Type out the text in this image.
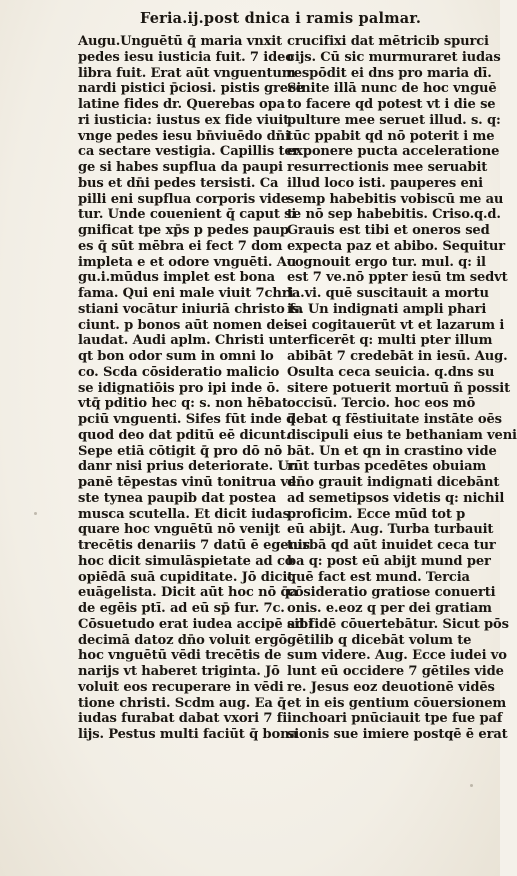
Feria.ij.post dnica i ramis palmar.
Augu.Unguētū q̄ maria vnxit
pedes iesu iusticia fuit. 7 ideo
libra fuit. Erat aūt vnguentum
nardi pistici p̄ciosi. pistis grece
latine fides dr. Querebas opa
ri iusticia: iustus ex fide viuit
vnge pedes iesu bn̄viuēdo dn̄i
ca sectare vestigia. Capillis ter
ge si habes supflua da paupi
bus et dn̄i pedes tersisti. Ca
pilli eni supflua corporis vide
tur. Unde couenient q̄ caput si
gnificat tpe xp̄s p pedes paup
es q̄ sūt mēbra ei fect 7 dom
impleta e et odore vnguēti. Au
gu.i.mūdus implet est bona
fama. Qui eni male viuit 7chri
stiani vocātur iniuriā christo fa
ciunt. p bonos aūt nomen dei
laudat. Audi aplm. Christi un
qt bon odor sum in omni lo
co. Scda cōsideratio malicio
se idignatiōis pro ipi inde ō.
vtq̄ pditio hec q: s. non hēbat
pciū vnguenti. Sifes fūt inde q̄
quod deo dat pditū eē dicunt.
Sepe etiā cōtigit q̄ pro dō nō
danr nisi prius deteriorate. Un
panē tēpestas vinū tonitrua ve
ste tynea paupib dat postea
musca scutella. Et dicit iudas
quare hoc vnguētū nō venijt
trecētis denariis 7 datū ē egenis
hoc dicit simulāspietate ad co
opiēdā suā cupiditate. Jō dicit
euāgelista. Dicit aūt hoc nō q̄a
de egēis ptī. ad eū sp̄ fur. 7c.
Cōsuetudo erat iudea accipē sibi
decimā datoz dn̄o voluit ergō
hoc vnguētū vēdi trecētis de
narijs vt haberet triginta. Jō
voluit eos recuperare in vēdi
tione christi. Scdm aug. Ea q̄
iudas furabat dabat vxori 7 fi
lijs. Pestus multi faciūt q̄ bona
crucifixi dat mētricib spurci
cijs. Cū sic murmuraret iudas
respōdit ei dns pro maria dī.
Sinite illā nunc de hoc vnguē
to facere qd potest vt i die se
pulture mee seruet illud. s. q:
tūc ppabit qd nō poterit i me
exponere pucta acceleratione
resurrectionis mee seruabit
illud loco isti. pauperes eni
semp habebitis vobiscū me au
te nō sep habebitis. Criso.q.d.
Grauis est tibi et oneros sed
expecta paz et abibo. Sequitur
cognouit ergo tur. mul. q: il
est 7 ve.nō ppter iesū tm sedvt
la.vi. quē suscitauit a mortu
is. Un indignati ampli phari
sei cogitauerūt vt et lazarum i
terficerēt q: multi pter illum
abibāt 7 credebāt in iesū. Aug.
Osulta ceca seuicia. q.dns su
sitere potuerit mortuū ñ possit
occisū. Tercio. hoc eos mō
debat q fēstiuitate instāte oēs
discipuli eius te bethaniam veni
bāt. Un et qn in crastino vide
rūt turbas pcedētes obuiam
dn̄o grauit indignati dicebānt
ad semetipsos videtis q: nichil
proficim. Ecce mūd tot p
eū abijt. Aug. Turba turbauit
turbā qd aūt inuidet ceca tur
ba q: post eū abijt mund per
quē fact est mund. Tercia
cōsideratio gratiose conuerti
onis. e.eoz q per dei gratiam
ad fidē cōuertebātur. Sicut pōs
gētilib q dicebāt volum te
sum videre. Aug. Ecce iudei vo
lunt eū occidere 7 gētiles vide
re. Jesus eoz deuotionē vidēs
et in eis gentium cōuersionem
inchoari pnūciauit tpe fue paf
sionis sue imiere postqē ē erat
